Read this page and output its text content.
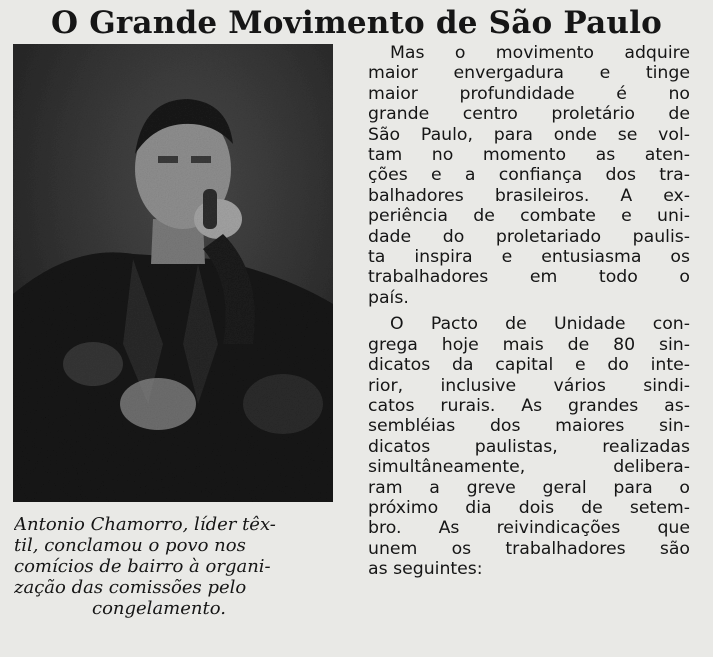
O Grande Movimento de São Paulo
Antonio Chamorro, líder têx-
til, conclamou o povo nos
comícios de bairro à organi-
zação das comissões pelo
congelamento.

Mas o movimento adquire
maior envergadura e tinge
maior profundidade é no
grande centro proletário de
São Paulo, para onde se vol-
tam no momento as aten-
ções e a confiança dos tra-
balhadores brasileiros. A ex-
periência de combate e uni-
dade do proletariado paulis-
ta inspira e entusiasma os
trabalhadores em todo o
país.

O Pacto de Unidade con-
grega hoje mais de 80 sin-
dicatos da capital e do inte-
rior, inclusive vários sindi-
catos rurais. As grandes as-
sembléias dos maiores sin-
dicatos paulistas, realizadas
simultâneamente, delibera-
ram a greve geral para o
próximo dia dois de setem-
bro. As reivindicações que
unem os trabalhadores são
as seguintes:
